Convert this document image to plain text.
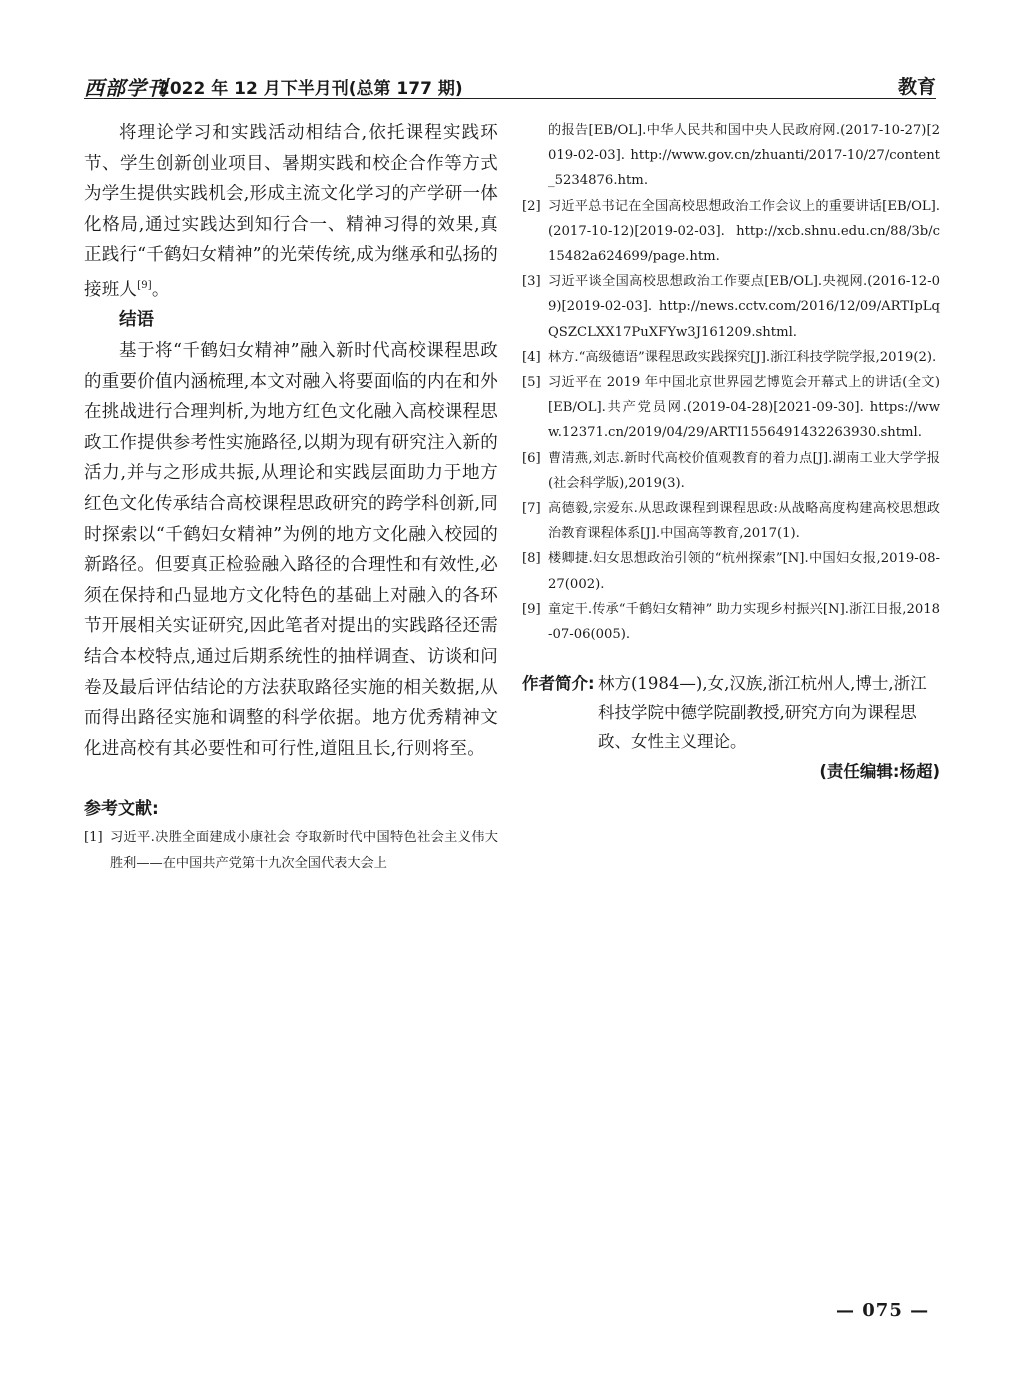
西部学刊
2022 年 12 月下半月刊(总第 177 期)	教育

将理论学习和实践活动相结合,依托课程实践环节、学生创新创业项目、暑期实践和校企合作等方式为学生提供实践机会,形成主流文化学习的产学研一体化格局,通过实践达到知行合一、精神习得的效果,真正践行“千鹤妇女精神”的光荣传统,成为继承和弘扬的接班人[9]。

结语

基于将“千鹤妇女精神”融入新时代高校课程思政的重要价值内涵梳理,本文对融入将要面临的内在和外在挑战进行合理判析,为地方红色文化融入高校课程思政工作提供参考性实施路径,以期为现有研究注入新的活力,并与之形成共振,从理论和实践层面助力于地方红色文化传承结合高校课程思政研究的跨学科创新,同时探索以“千鹤妇女精神”为例的地方文化融入校园的新路径。但要真正检验融入路径的合理性和有效性,必须在保持和凸显地方文化特色的基础上对融入的各环节开展相关实证研究,因此笔者对提出的实践路径还需结合本校特点,通过后期系统性的抽样调查、访谈和问卷及最后评估结论的方法获取路径实施的相关数据,从而得出路径实施和调整的科学依据。地方优秀精神文化进高校有其必要性和可行性,道阻且长,行则将至。

参考文献:
[1] 习近平.决胜全面建成小康社会 夺取新时代中国特色社会主义伟大胜利——在中国共产党第十九次全国代表大会上
的报告[EB/OL].中华人民共和国中央人民政府网.(2017-10-27)[2019-02-03]. http://www.gov.cn/zhuanti/2017-10/27/content_5234876.htm.
[2] 习近平总书记在全国高校思想政治工作会议上的重要讲话[EB/OL].(2017-10-12)[2019-02-03]. http://xcb.shnu.edu.cn/88/3b/c15482a624699/page.htm.
[3] 习近平谈全国高校思想政治工作要点[EB/OL].央视网.(2016-12-09)[2019-02-03]. http://news.cctv.com/2016/12/09/ARTIpLqQSZCLXX17PuXFYw3J161209.shtml.
[4] 林方.“高级德语”课程思政实践探究[J].浙江科技学院学报,2019(2).
[5] 习近平在 2019 年中国北京世界园艺博览会开幕式上的讲话(全文)[EB/OL].共产党员网.(2019-04-28)[2021-09-30]. https://www.12371.cn/2019/04/29/ARTI1556491432263930.shtml.
[6] 曹清燕,刘志.新时代高校价值观教育的着力点[J].湖南工业大学学报(社会科学版),2019(3).
[7] 高德毅,宗爱东.从思政课程到课程思政:从战略高度构建高校思想政治教育课程体系[J].中国高等教育,2017(1).
[8] 楼卿捷.妇女思想政治引领的“杭州探索”[N].中国妇女报,2019-08-27(002).
[9] 童定干.传承“千鹤妇女精神” 助力实现乡村振兴[N].浙江日报,2018-07-06(005).
作者简介: 林方(1984—),女,汉族,浙江杭州人,博士,浙江科技学院中德学院副教授,研究方向为课程思政、女性主义理论。
(责任编辑:杨超)
— 075 —
